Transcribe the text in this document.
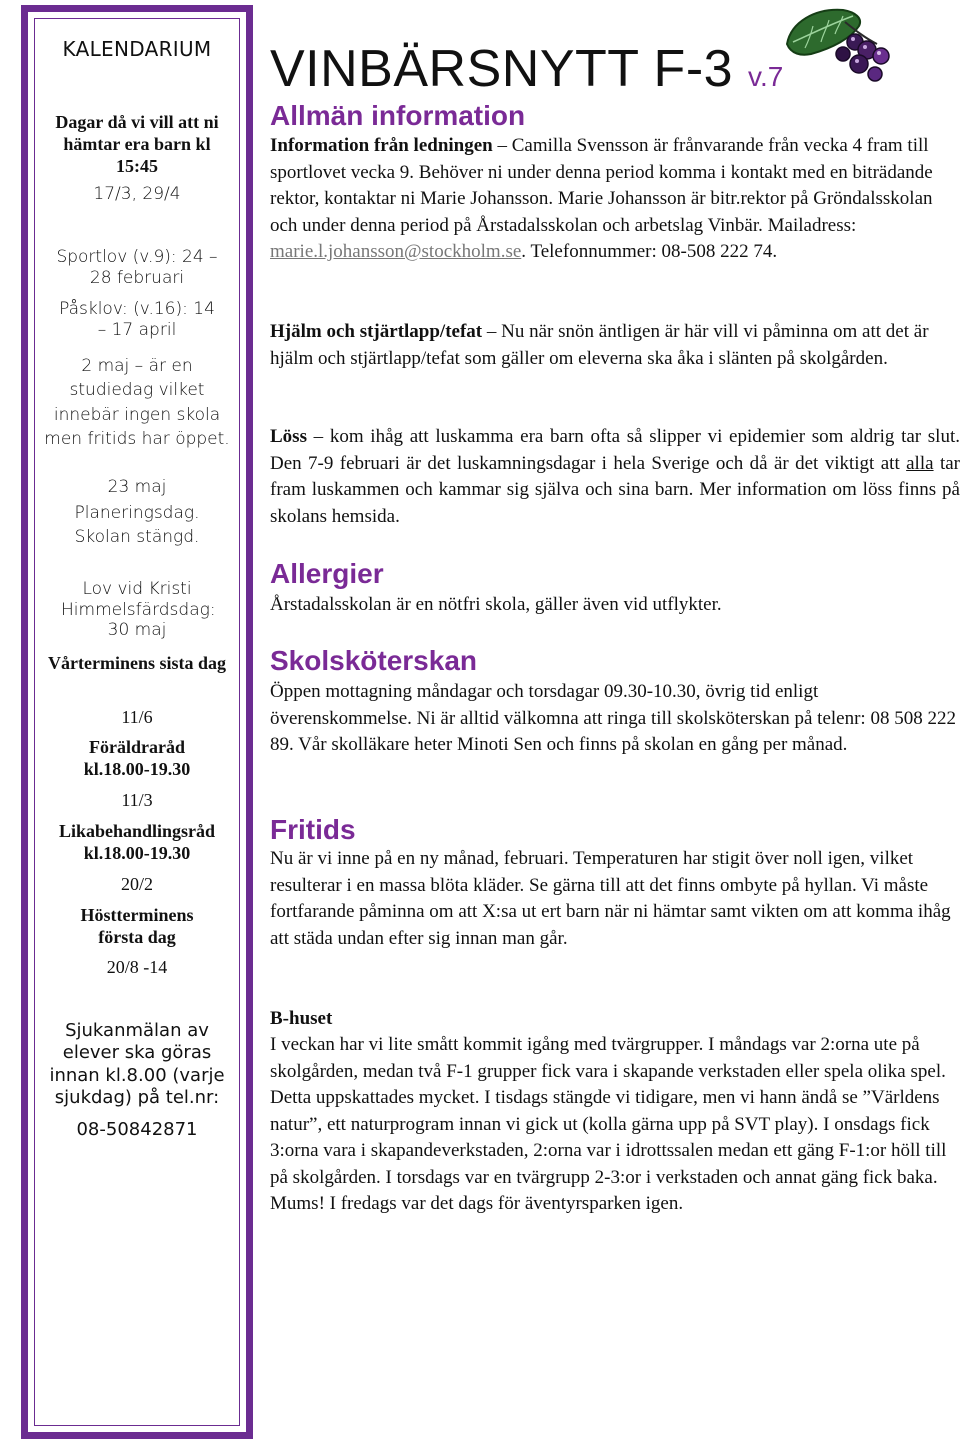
KALENDARIUM
Dagar då vi vill att ni hämtar era barn kl 15:45
17/3, 29/4
Sportlov (v.9): 24 – 28 februari
Påsklov: (v.16): 14 – 17 april
2 maj – är en studiedag vilket innebär ingen skola men fritids har öppet.
23 maj
Planeringsdag. Skolan stängd.
Lov vid Kristi Himmelsfärdsdag: 30 maj
Vårterminens sista dag
11/6
Föräldraråd kl.18.00-19.30
11/3
Likabehandlingsråd kl.18.00-19.30
20/2
Höstterminens första dag
20/8 -14
Sjukanmälan av elever ska göras innan kl.8.00 (varje sjukdag) på tel.nr:
08-50842871
VINBÄRSNYTT F-3 v.7
Allmän information
Information från ledningen – Camilla Svensson är frånvarande från vecka 4 fram till sportlovet vecka 9. Behöver ni under denna period komma i kontakt med en biträdande rektor, kontaktar ni Marie Johansson. Marie Johansson är bitr.rektor på Gröndalsskolan och under denna period på Årstadalsskolan och arbetslag Vinbär. Mailadress: marie.l.johansson@stockholm.se. Telefonnummer: 08-508 222 74.
Hjälm och stjärtlapp/tefat – Nu när snön äntligen är här vill vi påminna om att det är hjälm och stjärtlapp/tefat som gäller om eleverna ska åka i slänten på skolgården.
Löss – kom ihåg att luskamma era barn ofta så slipper vi epidemier som aldrig tar slut. Den 7-9 februari är det luskamningsdagar i hela Sverige och då är det viktigt att alla tar fram luskammen och kammar sig själva och sina barn. Mer information om löss finns på skolans hemsida.
Allergier
Årstadalsskolan är en nötfri skola, gäller även vid utflykter.
Skolsköterskan
Öppen mottagning måndagar och torsdagar 09.30-10.30, övrig tid enligt överenskommelse. Ni är alltid välkomna att ringa till skolsköterskan på telenr: 08 508 222 89. Vår skolläkare heter Minoti Sen och finns på skolan en gång per månad.
Fritids
Nu är vi inne på en ny månad, februari. Temperaturen har stigit över noll igen, vilket resulterar i en massa blöta kläder. Se gärna till att det finns ombyte på hyllan. Vi måste fortfarande påminna om att X:sa ut ert barn när ni hämtar samt vikten om att komma ihåg att städa undan efter sig innan man går.
B-huset
I veckan har vi lite smått kommit igång med tvärgrupper. I måndags var 2:orna ute på skolgården, medan två F-1 grupper fick vara i skapande verkstaden eller spela olika spel. Detta uppskattades mycket. I tisdags stängde vi tidigare, men vi hann ändå se ”Världens natur”, ett naturprogram innan vi gick ut (kolla gärna upp på SVT play). I onsdags fick 3:orna vara i skapandeverkstaden, 2:orna var i idrottssalen medan ett gäng F-1:or höll till på skolgården. I torsdags var en tvärgrupp 2-3:or i verkstaden och annat gäng fick baka. Mums! I fredags var det dags för äventyrsparken igen.
